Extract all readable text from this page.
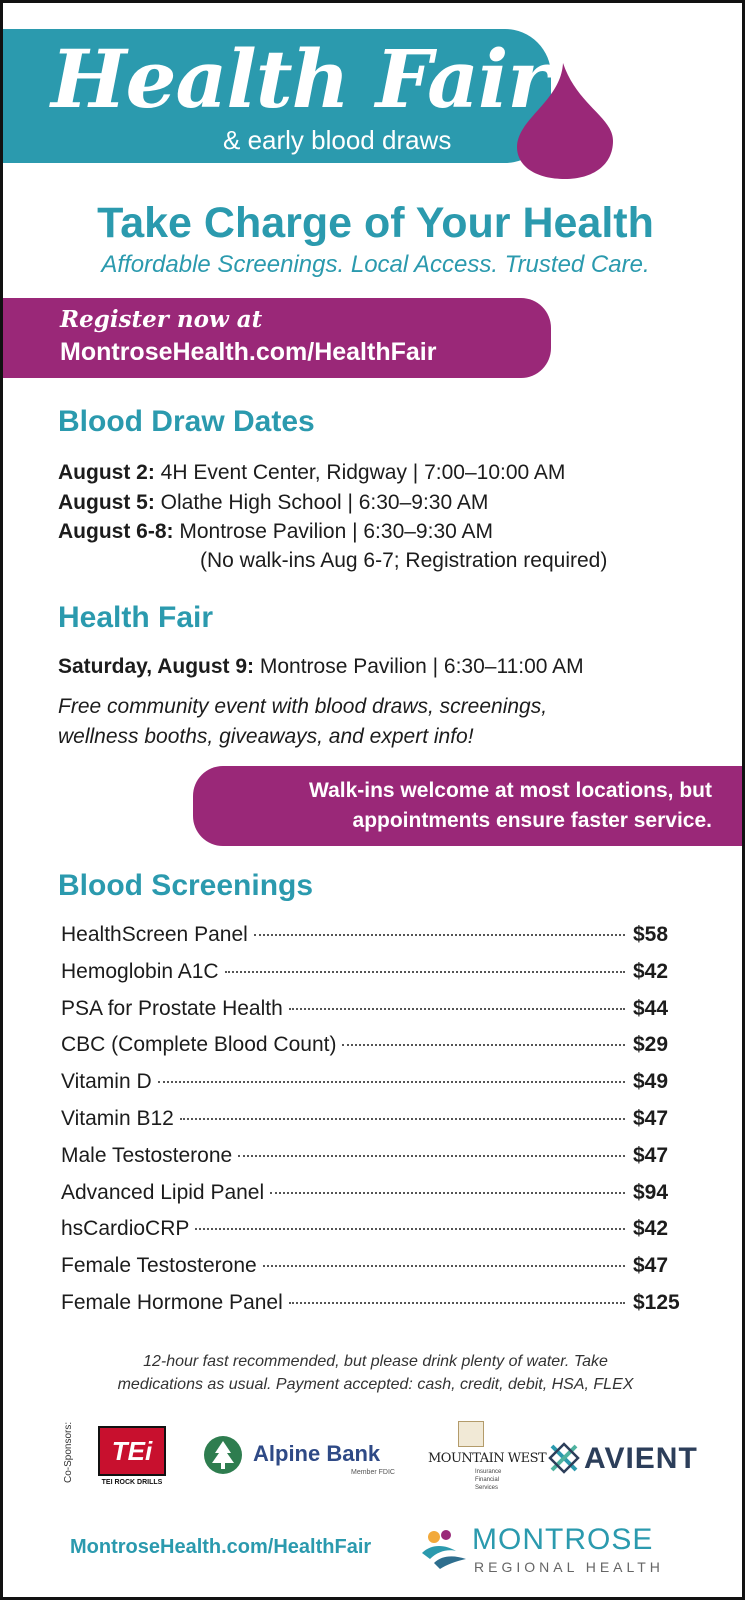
Health Fair
& early blood draws
Take Charge of Your Health
Affordable Screenings. Local Access. Trusted Care.
Register now at
MontroseHealth.com/HealthFair
Blood Draw Dates
August 2: 4H Event Center, Ridgway | 7:00–10:00 AM
August 5: Olathe High School | 6:30–9:30 AM
August 6-8: Montrose Pavilion | 6:30–9:30 AM
(No walk-ins Aug 6-7; Registration required)
Health Fair
Saturday, August 9: Montrose Pavilion | 6:30–11:00 AM
Free community event with blood draws, screenings,
wellness booths, giveaways, and expert info!
Walk-ins welcome at most locations, but
appointments ensure faster service.
Blood Screenings
HealthScreen Panel	$58
Hemoglobin A1C	$42
PSA for Prostate Health	$44
CBC (Complete Blood Count)	$29
Vitamin D	$49
Vitamin B12	$47
Male Testosterone	$47
Advanced Lipid Panel	$94
hsCardioCRP	$42
Female Testosterone	$47
Female Hormone Panel	$125
12-hour fast recommended, but please drink plenty of water. Take
medications as usual. Payment accepted: cash, credit, debit, HSA, FLEX
Co-Sponsors:	TEi
TEI ROCK DRILLS
Alpine Bank
Member FDIC
MOUNTAIN WEST
Insurance
Financial
Services
AVIENT
MontroseHealth.com/HealthFair	MONTROSE
REGIONAL HEALTH
